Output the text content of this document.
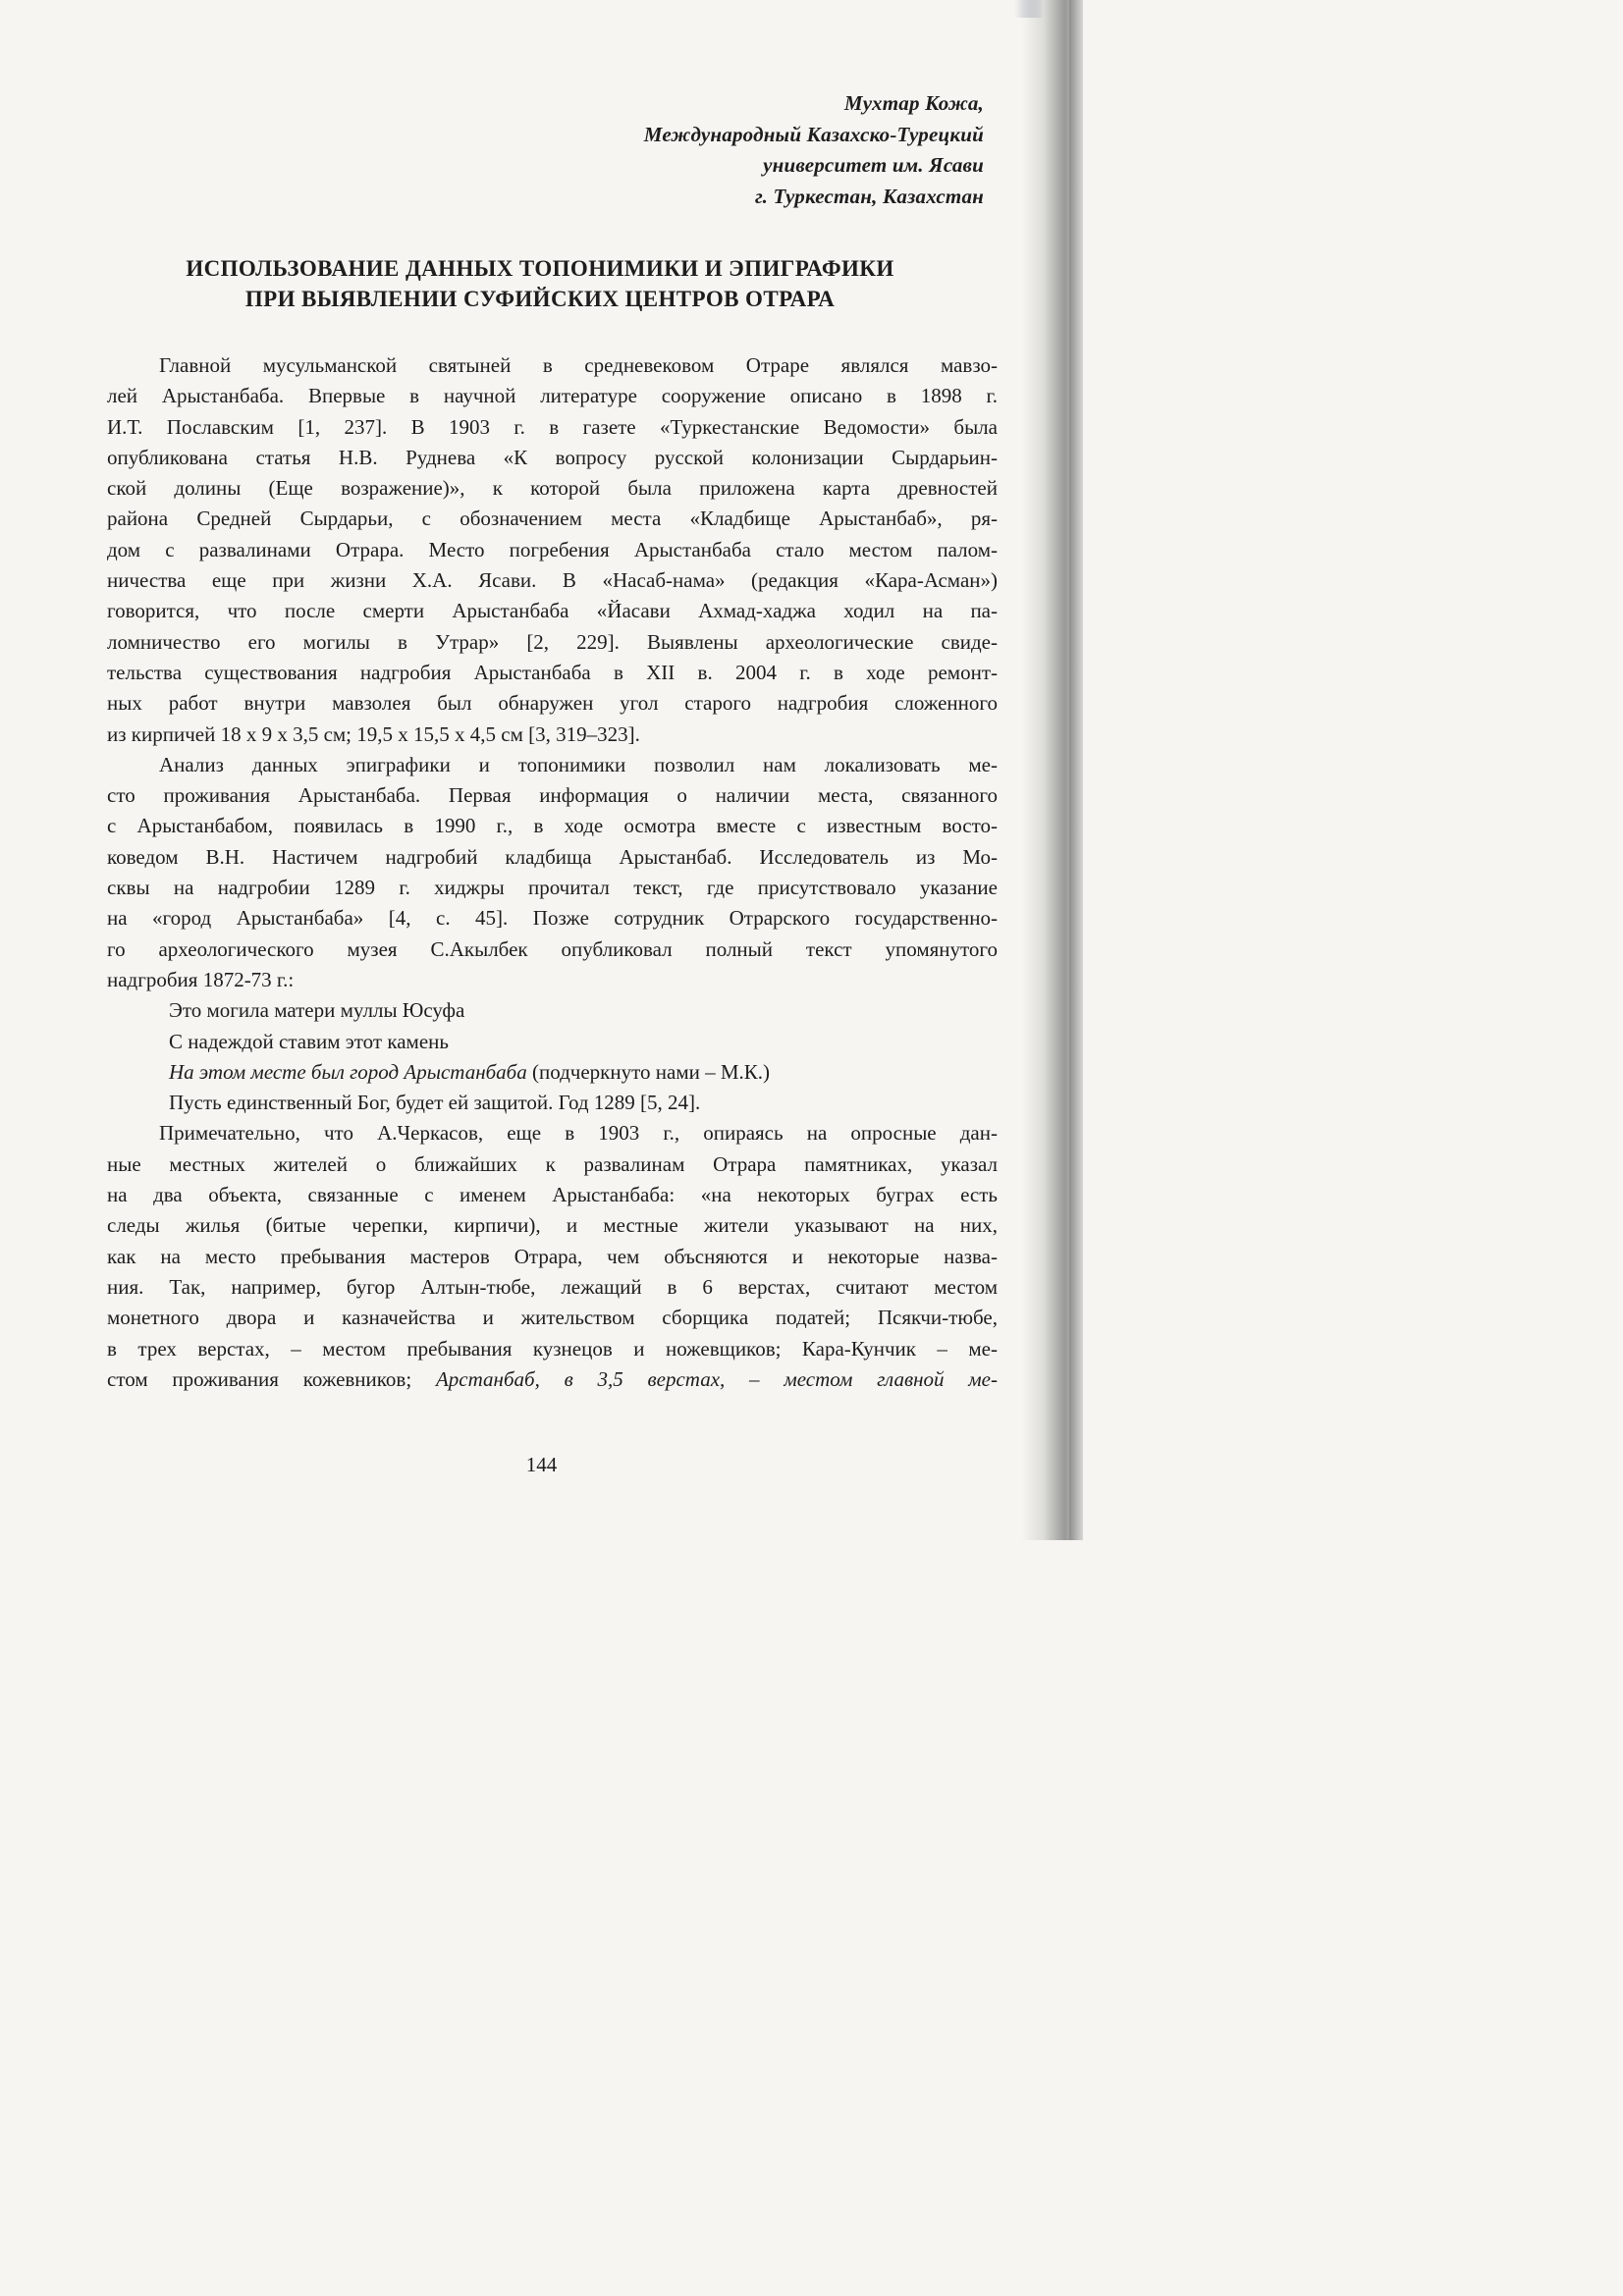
Мухтар Кожа,
Международный Казахско-Турецкий
университет им. Ясави
г. Туркестан, Казахстан
ИСПОЛЬЗОВАНИЕ ДАННЫХ ТОПОНИМИКИ И ЭПИГРАФИКИ
ПРИ ВЫЯВЛЕНИИ СУФИЙСКИХ ЦЕНТРОВ ОТРАРА
Главной мусульманской святыней в средневековом Отраре являлся мавзо-
лей Арыстанбаба. Впервые в научной литературе сооружение описано в 1898 г.
И.Т. Пославским [1, 237]. В 1903 г. в газете «Туркестанские Ведомости» была
опубликована статья Н.В. Руднева «К вопросу русской колонизации Сырдарьин-
ской долины (Еще возражение)», к которой была приложена карта древностей
района Средней Сырдарьи, с обозначением места «Кладбище Арыстанбаб», ря-
дом с развалинами Отрара. Место погребения Арыстанбаба стало местом палом-
ничества еще при жизни Х.А. Ясави. В «Насаб-нама» (редакция «Кара-Асман»)
говорится, что после смерти Арыстанбаба «Йасави Ахмад-хаджа ходил на па-
ломничество его могилы в Утрар» [2, 229]. Выявлены археологические свиде-
тельства существования надгробия Арыстанбаба в XII в. 2004 г. в ходе ремонт-
ных работ внутри мавзолея был обнаружен угол старого надгробия сложенного
из кирпичей 18 х 9 х 3,5 см; 19,5 х 15,5 х 4,5 см [3, 319–323].
Анализ данных эпиграфики и топонимики позволил нам локализовать ме-
сто проживания Арыстанбаба. Первая информация о наличии места, связанного
с Арыстанбабом, появилась в 1990 г., в ходе осмотра вместе с известным восто-
коведом В.Н. Настичем надгробий кладбища Арыстанбаб. Исследователь из Мо-
сквы на надгробии 1289 г. хиджры прочитал текст, где присутствовало указание
на «город Арыстанбаба» [4, с. 45]. Позже сотрудник Отрарского государственно-
го археологического музея С.Акылбек опубликовал полный текст упомянутого
надгробия 1872-73 г.:
Это могила матери муллы Юсуфа
С надеждой ставим этот камень
На этом месте был город Арыстанбаба (подчеркнуто нами – М.К.)
Пусть единственный Бог, будет ей защитой. Год 1289 [5, 24].
Примечательно, что А.Черкасов, еще в 1903 г., опираясь на опросные дан-
ные местных жителей о ближайших к развалинам Отрара памятниках, указал
на два объекта, связанные с именем Арыстанбаба: «на некоторых буграх есть
следы жилья (битые черепки, кирпичи), и местные жители указывают на них,
как на место пребывания мастеров Отрара, чем объсняются и некоторые назва-
ния. Так, например, бугор Алтын-тюбе, лежащий в 6 верстах, считают местом
монетного двора и казначейства и жительством сборщика податей; Псякчи-тюбе,
в трех верстах, – местом пребывания кузнецов и ножевщиков; Кара-Кунчик – ме-
стом проживания кожевников; Арстанбаб, в 3,5 верстах, – местом главной ме-
144
